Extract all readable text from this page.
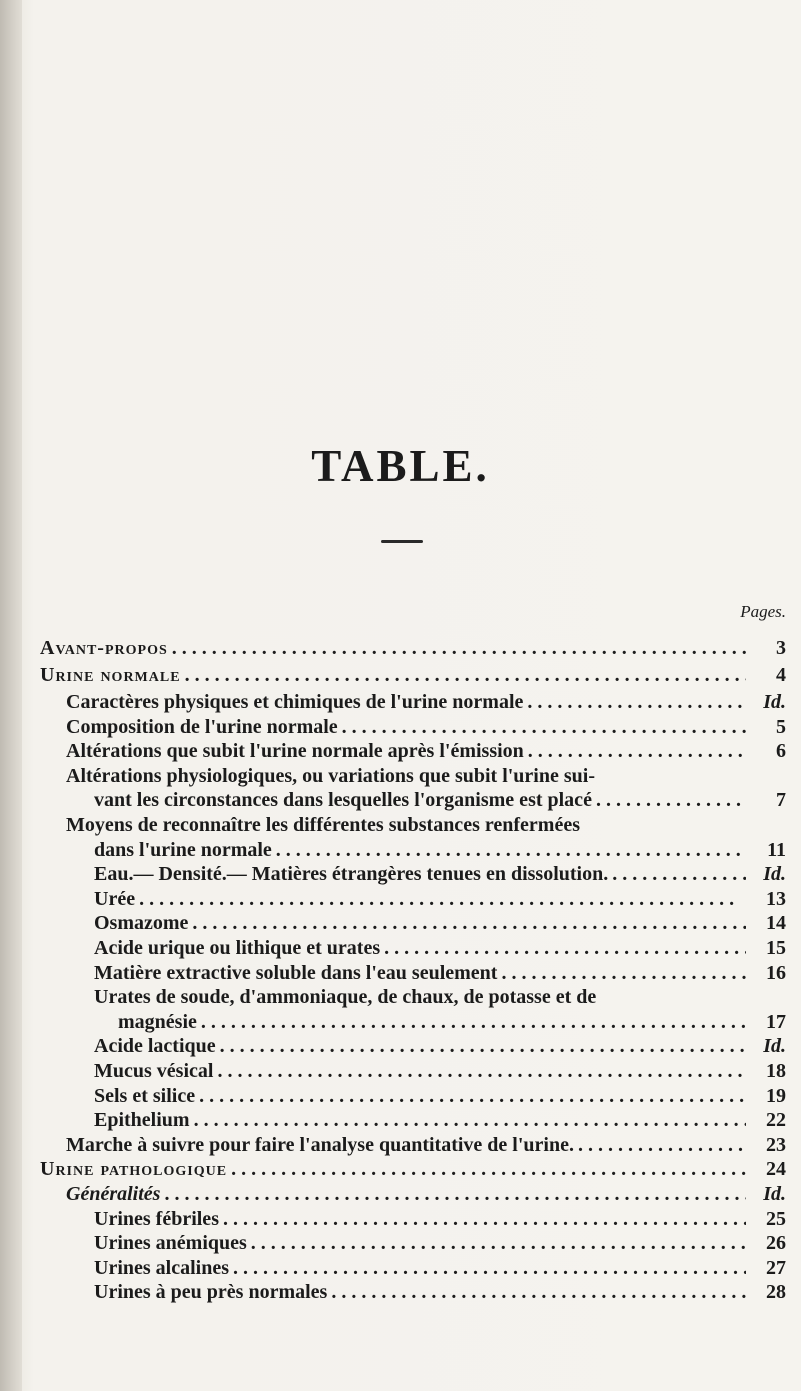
TABLE.
Pages.
Avant-propos . . .	3
Urine normale . . .	4
Caractères physiques et chimiques de l'urine normale . . .	Id.
Composition de l'urine normale . . .	5
Altérations que subit l'urine normale après l'émission . . .	6
Altérations physiologiques, ou variations que subit l'urine sui-
vant les circonstances dans lesquelles l'organisme est placé . . .	7
Moyens de reconnaître les différentes substances renfermées
dans l'urine normale . . .	11
Eau.— Densité.— Matières étrangères tenues en dissolution. . . .	Id.
Urée . . .	13
Osmazome . . .	14
Acide urique ou lithique et urates . . .	15
Matière extractive soluble dans l'eau seulement . . .	16
Urates de soude, d'ammoniaque, de chaux, de potasse et de
magnésie . . .	17
Acide lactique . . .	Id.
Mucus vésical . . .	18
Sels et silice . . .	19
Epithelium . . .	22
Marche à suivre pour faire l'analyse quantitative de l'urine. . . .	23
Urine pathologique . . .	24
Généralités . . .	Id.
Urines fébriles . . .	25
Urines anémiques . . .	26
Urines alcalines . . .	27
Urines à peu près normales . . .	28
